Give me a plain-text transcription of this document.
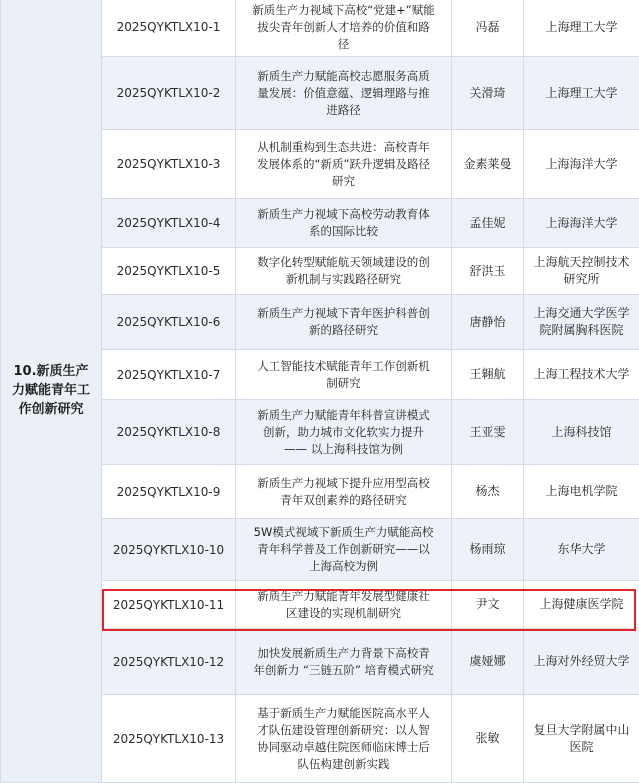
10.新质生产力赋能青年工作创新研究	2025QYKTLX10-1	新质生产力视域下高校“党建+”赋能拔尖青年创新人才培养的价值和路径	冯磊	上海理工大学
	2025QYKTLX10-2	新质生产力赋能高校志愿服务高质量发展：价值意蕴、逻辑理路与推进路径	关滑琦	上海理工大学
	2025QYKTLX10-3	从机制重构到生态共进：高校青年发展体系的“新质”跃升逻辑及路径研究	金素莱曼	上海海洋大学
	2025QYKTLX10-4	新质生产力视域下高校劳动教育体系的国际比较	孟佳妮	上海海洋大学
	2025QYKTLX10-5	数字化转型赋能航天领域建设的创新机制与实践路径研究	舒洪玉	上海航天控制技术研究所
	2025QYKTLX10-6	新质生产力视域下青年医护科普创新的路径研究	唐静怡	上海交通大学医学院附属胸科医院
	2025QYKTLX10-7	人工智能技术赋能青年工作创新机制研究	王翱航	上海工程技术大学
	2025QYKTLX10-8	新质生产力赋能青年科普宣讲模式创新，助力城市文化软实力提升 —— 以上海科技馆为例	王亚雯	上海科技馆
	2025QYKTLX10-9	新质生产力视域下提升应用型高校青年双创素养的路径研究	杨杰	上海电机学院
	2025QYKTLX10-10	5W模式视域下新质生产力赋能高校青年科学普及工作创新研究——以上海高校为例	杨雨琼	东华大学
	2025QYKTLX10-11	新质生产力赋能青年发展型健康社区建设的实现机制研究	尹文	上海健康医学院
	2025QYKTLX10-12	加快发展新质生产力背景下高校青年创新力 “三链五阶” 培育模式研究	虞娅娜	上海对外经贸大学
	2025QYKTLX10-13	基于新质生产力赋能医院高水平人才队伍建设管理创新研究：以人智协同驱动卓越住院医师临床博士后队伍构建创新实践	张敏	复旦大学附属中山医院
